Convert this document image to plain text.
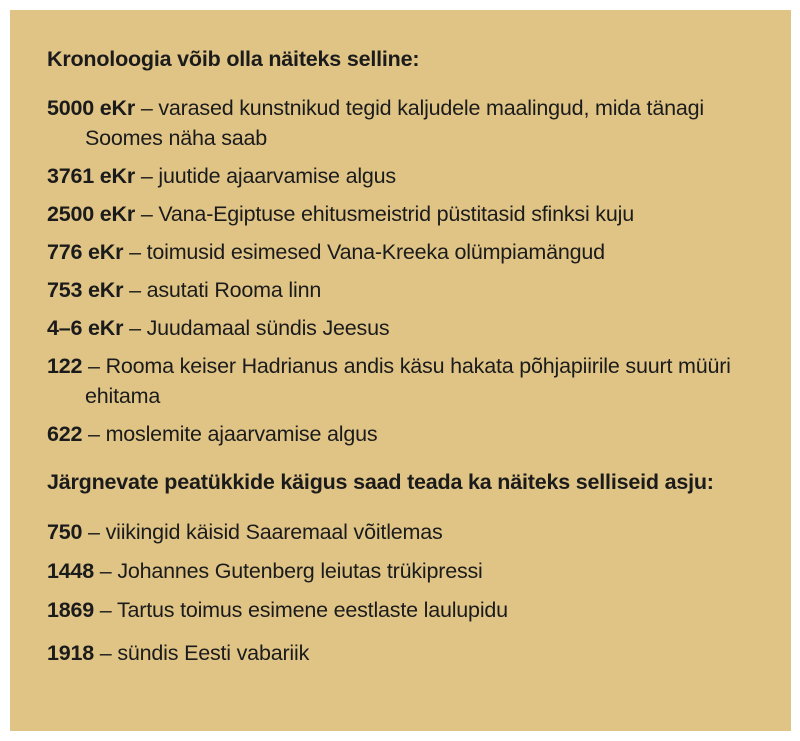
Kronoloogia võib olla näiteks selline:

5000 eKr – varased kunstnikud tegid kaljudele maalingud, mida tänagi Soomes näha saab

3761 eKr – juutide ajaarvamise algus

2500 eKr – Vana-Egiptuse ehitusmeistrid püstitasid sfinksi kuju

776 eKr – toimusid esimesed Vana-Kreeka olümpiamängud

753 eKr – asutati Rooma linn

4–6 eKr – Juudamaal sündis Jeesus

122 – Rooma keiser Hadrianus andis käsu hakata põhjapiirile suurt müüri ehitama

622 – moslemite ajaarvamise algus

Järgnevate peatükkide käigus saad teada ka näiteks selliseid asju:

750 – viikingid käisid Saaremaal võitlemas

1448 – Johannes Gutenberg leiutas trükipressi

1869 – Tartus toimus esimene eestlaste laulupidu

1918 – sündis Eesti vabariik
